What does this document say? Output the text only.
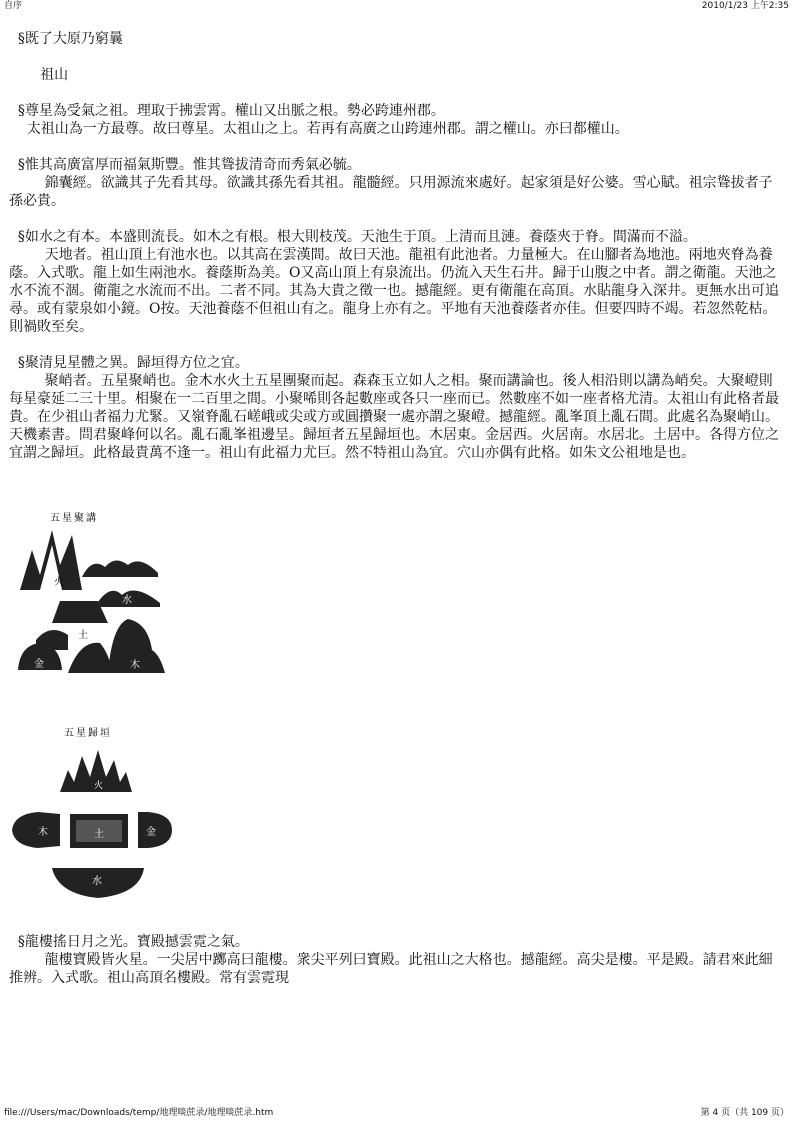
自序	2010/1/23 上午2:35

§既了大原乃窮曩

祖山

§尊星為受氣之祖。理取于拂雲霄。權山又出脈之根。勢必跨連州郡。

太祖山為一方最尊。故曰尊星。太祖山之上。若再有高廣之山跨連州郡。謂之權山。亦曰都權山。

§惟其高廣富厚而福氣斯豐。惟其聳拔清奇而秀氣必毓。

錦囊經。欲識其子先看其母。欲識其孫先看其祖。龍髓經。只用源流來處好。起家須是好公婆。雪心賦。祖宗聳拔者子孫必貴。

§如水之有本。本盛則流長。如木之有根。根大則枝茂。天池生于頂。上清而且漣。養蔭夾于脊。間滿而不溢。

天地者。祖山頂上有池水也。以其高在雲漢間。故曰天池。龍祖有此池者。力量極大。在山腳者為地池。兩地夾脊為養蔭。入式歌。龍上如生兩池水。養蔭斯為美。O又高山頂上有泉流出。仍流入天生石井。歸于山腹之中者。謂之衛龍。天池之水不流不涸。衛龍之水流而不出。二者不同。其為大貴之徵一也。撼龍經。更有衛龍在高頂。水貼龍身入深井。更無水出可追尋。或有蒙泉如小鏡。O按。天池養蔭不但祖山有之。龍身上亦有之。平地有天池養蔭者亦佳。但要四時不竭。若忽然乾枯。則禍敗至矣。

§聚清見星體之異。歸垣得方位之宜。

聚峭者。五星聚峭也。金木水火土五星團聚而起。森森玉立如人之相。聚而講論也。後人相沿則以講為峭矣。大聚嶝則每星豪延二三十里。相聚在一二百里之間。小聚唏則各起數座或各只一座而已。然數座不如一座者格尤清。太祖山有此格者最貴。在少祖山者福力尤緊。又嶺脊亂石嵯峨或尖或方或圓攢聚一處亦謂之聚嶝。撼龍經。亂峯頂上亂石間。此處名為聚峭山。天機素書。問君聚峰何以名。亂石亂峯祖邊呈。歸垣者五星歸垣也。木居東。金居西。火居南。水居北。土居中。各得方位之宜謂之歸垣。此格最貴萬不逢一。祖山有此福力尤巨。然不特祖山為宜。穴山亦偶有此格。如朱文公祖地是也。

五星聚講
火
水
土
金	木
五星歸垣
火
木	土	金
水

§龍樓搖日月之光。寶殿撼雲霓之氣。

龍樓寶殿皆火星。一尖居中躑高曰龍樓。衆尖平列曰寶殿。此祖山之大格也。撼龍經。高尖是樓。平是殿。請君來此細推辨。入式歌。祖山高頂名樓殿。常有雲霓現

file:///Users/mac/Downloads/temp/地理啖蔗录/地理啖蔗录.htm	第 4 页（共 109 页）
